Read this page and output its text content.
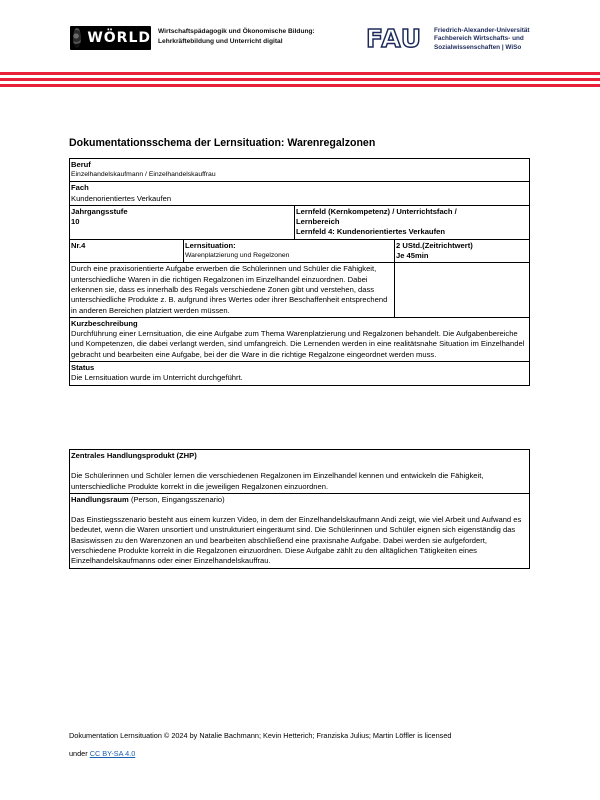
WÖRLD Wirtschaftspädagogik und Ökonomische Bildung:
Lehrkräftebildung und Unterricht digital	FAU Friedrich-Alexander-Universität
Fachbereich Wirtschafts- und
Sozialwissenschaften | WiSo
Dokumentationsschema der Lernsituation: Warenregalzonen
Beruf
Einzelhandelskaufmann / Einzelhandelskauffrau
Fach
Kundenorientiertes Verkaufen
Jahrgangsstufe
10
Lernfeld (Kernkompetenz) / Unterrichtsfach / Lernbereich
Lernfeld 4: Kundenorientiertes Verkaufen
Nr.4	Lernsituation:
Warenplatzierung und Regelzonen
2 UStd.(Zeitrichtwert)
Je 45min
Durch eine praxisorientierte Aufgabe erwerben die Schülerinnen und Schüler die Fähigkeit, unterschiedliche Waren in die richtigen Regalzonen im Einzelhandel einzuordnen. Dabei erkennen sie, dass es innerhalb des Regals verschiedene Zonen gibt und verstehen, dass unterschiedliche Produkte z. B. aufgrund ihres Wertes oder ihrer Beschaffenheit entsprechend in anderen Bereichen platziert werden müssen.
Kurzbeschreibung
Durchführung einer Lernsituation, die eine Aufgabe zum Thema Warenplatzierung und Regalzonen behandelt. Die Aufgabenbereiche und Kompetenzen, die dabei verlangt werden, sind umfangreich. Die Lernenden werden in eine realitätsnahe Situation im Einzelhandel gebracht und bearbeiten eine Aufgabe, bei der die Ware in die richtige Regalzone eingeordnet werden muss.
Status
Die Lernsituation wurde im Unterricht durchgeführt.
Zentrales Handlungsprodukt (ZHP)
Die Schülerinnen und Schüler lernen die verschiedenen Regalzonen im Einzelhandel kennen und entwickeln die Fähigkeit, unterschiedliche Produkte korrekt in die jeweiligen Regalzonen einzuordnen.
Handlungsraum (Person, Eingangsszenario)
Das Einstiegsszenario besteht aus einem kurzen Video, in dem der Einzelhandelskaufmann Andi zeigt, wie viel Arbeit und Aufwand es bedeutet, wenn die Waren unsortiert und unstrukturiert eingeräumt sind. Die Schülerinnen und Schüler eignen sich eigenständig das Basiswissen zu den Warenzonen an und bearbeiten abschließend eine praxisnahe Aufgabe. Dabei werden sie aufgefordert, verschiedene Produkte korrekt in die Regalzonen einzuordnen. Diese Aufgabe zählt zu den alltäglichen Tätigkeiten eines Einzelhandelskaufmanns oder einer Einzelhandelskauffrau.
Dokumentation Lernsituation © 2024 by Natalie Bachmann; Kevin Hetterich; Franziska Julius; Martin Löffler is licensed
under CC BY-SA 4.0
